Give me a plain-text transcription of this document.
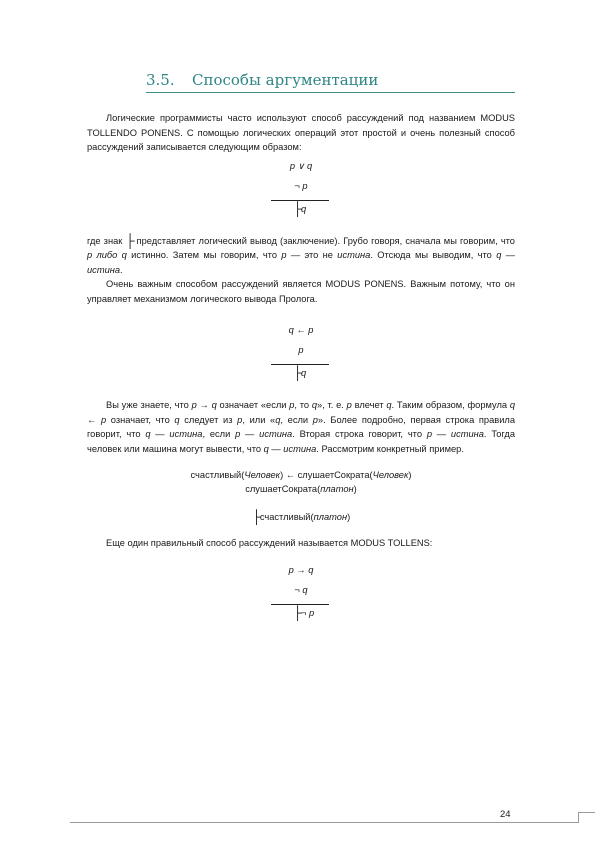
3.5. Способы аргументации
Логические программисты часто используют способ рассуждений под названием MODUS TOLLENDO PONENS. С помощью логических операций этот простой и очень полезный способ рассуждений записывается следующим образом:
p ∨ q
¬ p
├q
где знак ├ представляет логический вывод (заключение). Грубо говоря, сначала мы говорим, что p либо q истинно. Затем мы говорим, что p — это не истина. Отсюда мы выводим, что q — истина.
Очень важным способом рассуждений является MODUS PONENS. Важным потому, что он управляет механизмом логического вывода Пролога.
q ← p
p
├q
Вы уже знаете, что p → q означает «если p, то q», т. е. p влечет q. Таким образом, формула q ← p означает, что q следует из p, или «q, если p». Более подробно, первая строка правила говорит, что q — истина, если p — истина. Вторая строка говорит, что p — истина. Тогда человек или машина могут вывести, что q — истина. Рассмотрим конкретный пример.
счастливый(Человек) ← слушаетСократа(Человек)
слушаетСократа(платон)
├счастливый(платон)
Еще один правильный способ рассуждений называется MODUS TOLLENS:
p → q
¬ q
├¬ p
24
